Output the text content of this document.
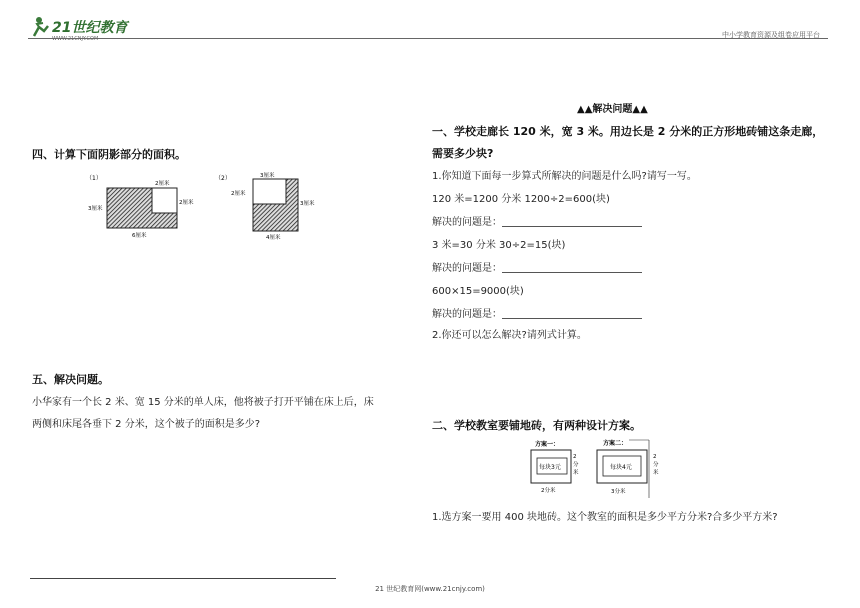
21世纪教育
WWW.21CNJY.COM	中小学教育资源及组卷应用平台
四、计算下面阴影部分的面积。
（1）
2厘米
3厘米
2厘米
6厘米
（2）	3厘米
2厘米
3厘米
4厘米
五、解决问题。
小华家有一个长 2 米、宽 15 分米的单人床，他将被子打开平铺在床上后，床
两侧和床尾各垂下 2 分米，这个被子的面积是多少?
▲▲解决问题▲▲
一、学校走廊长 120 米，宽 3 米。用边长是 2 分米的正方形地砖铺这条走廊，
需要多少块?
1.你知道下面每一步算式所解决的问题是什么吗?请写一写。
120 米=1200 分米 1200÷2=600(块)
解决的问题是：
3 米=30 分米 30÷2=15(块)
解决的问题是：
600×15=9000(块)
解决的问题是：
2.你还可以怎么解决?请列式计算。
二、学校教室要铺地砖，有两种设计方案。
方案一：
每块3元
2
分
米
2分米
方案二：
每块4元
2
分
米
3分米
1.选方案一要用 400 块地砖。这个教室的面积是多少平方分米?合多少平方米?
21 世纪教育网(www.21cnjy.com)
